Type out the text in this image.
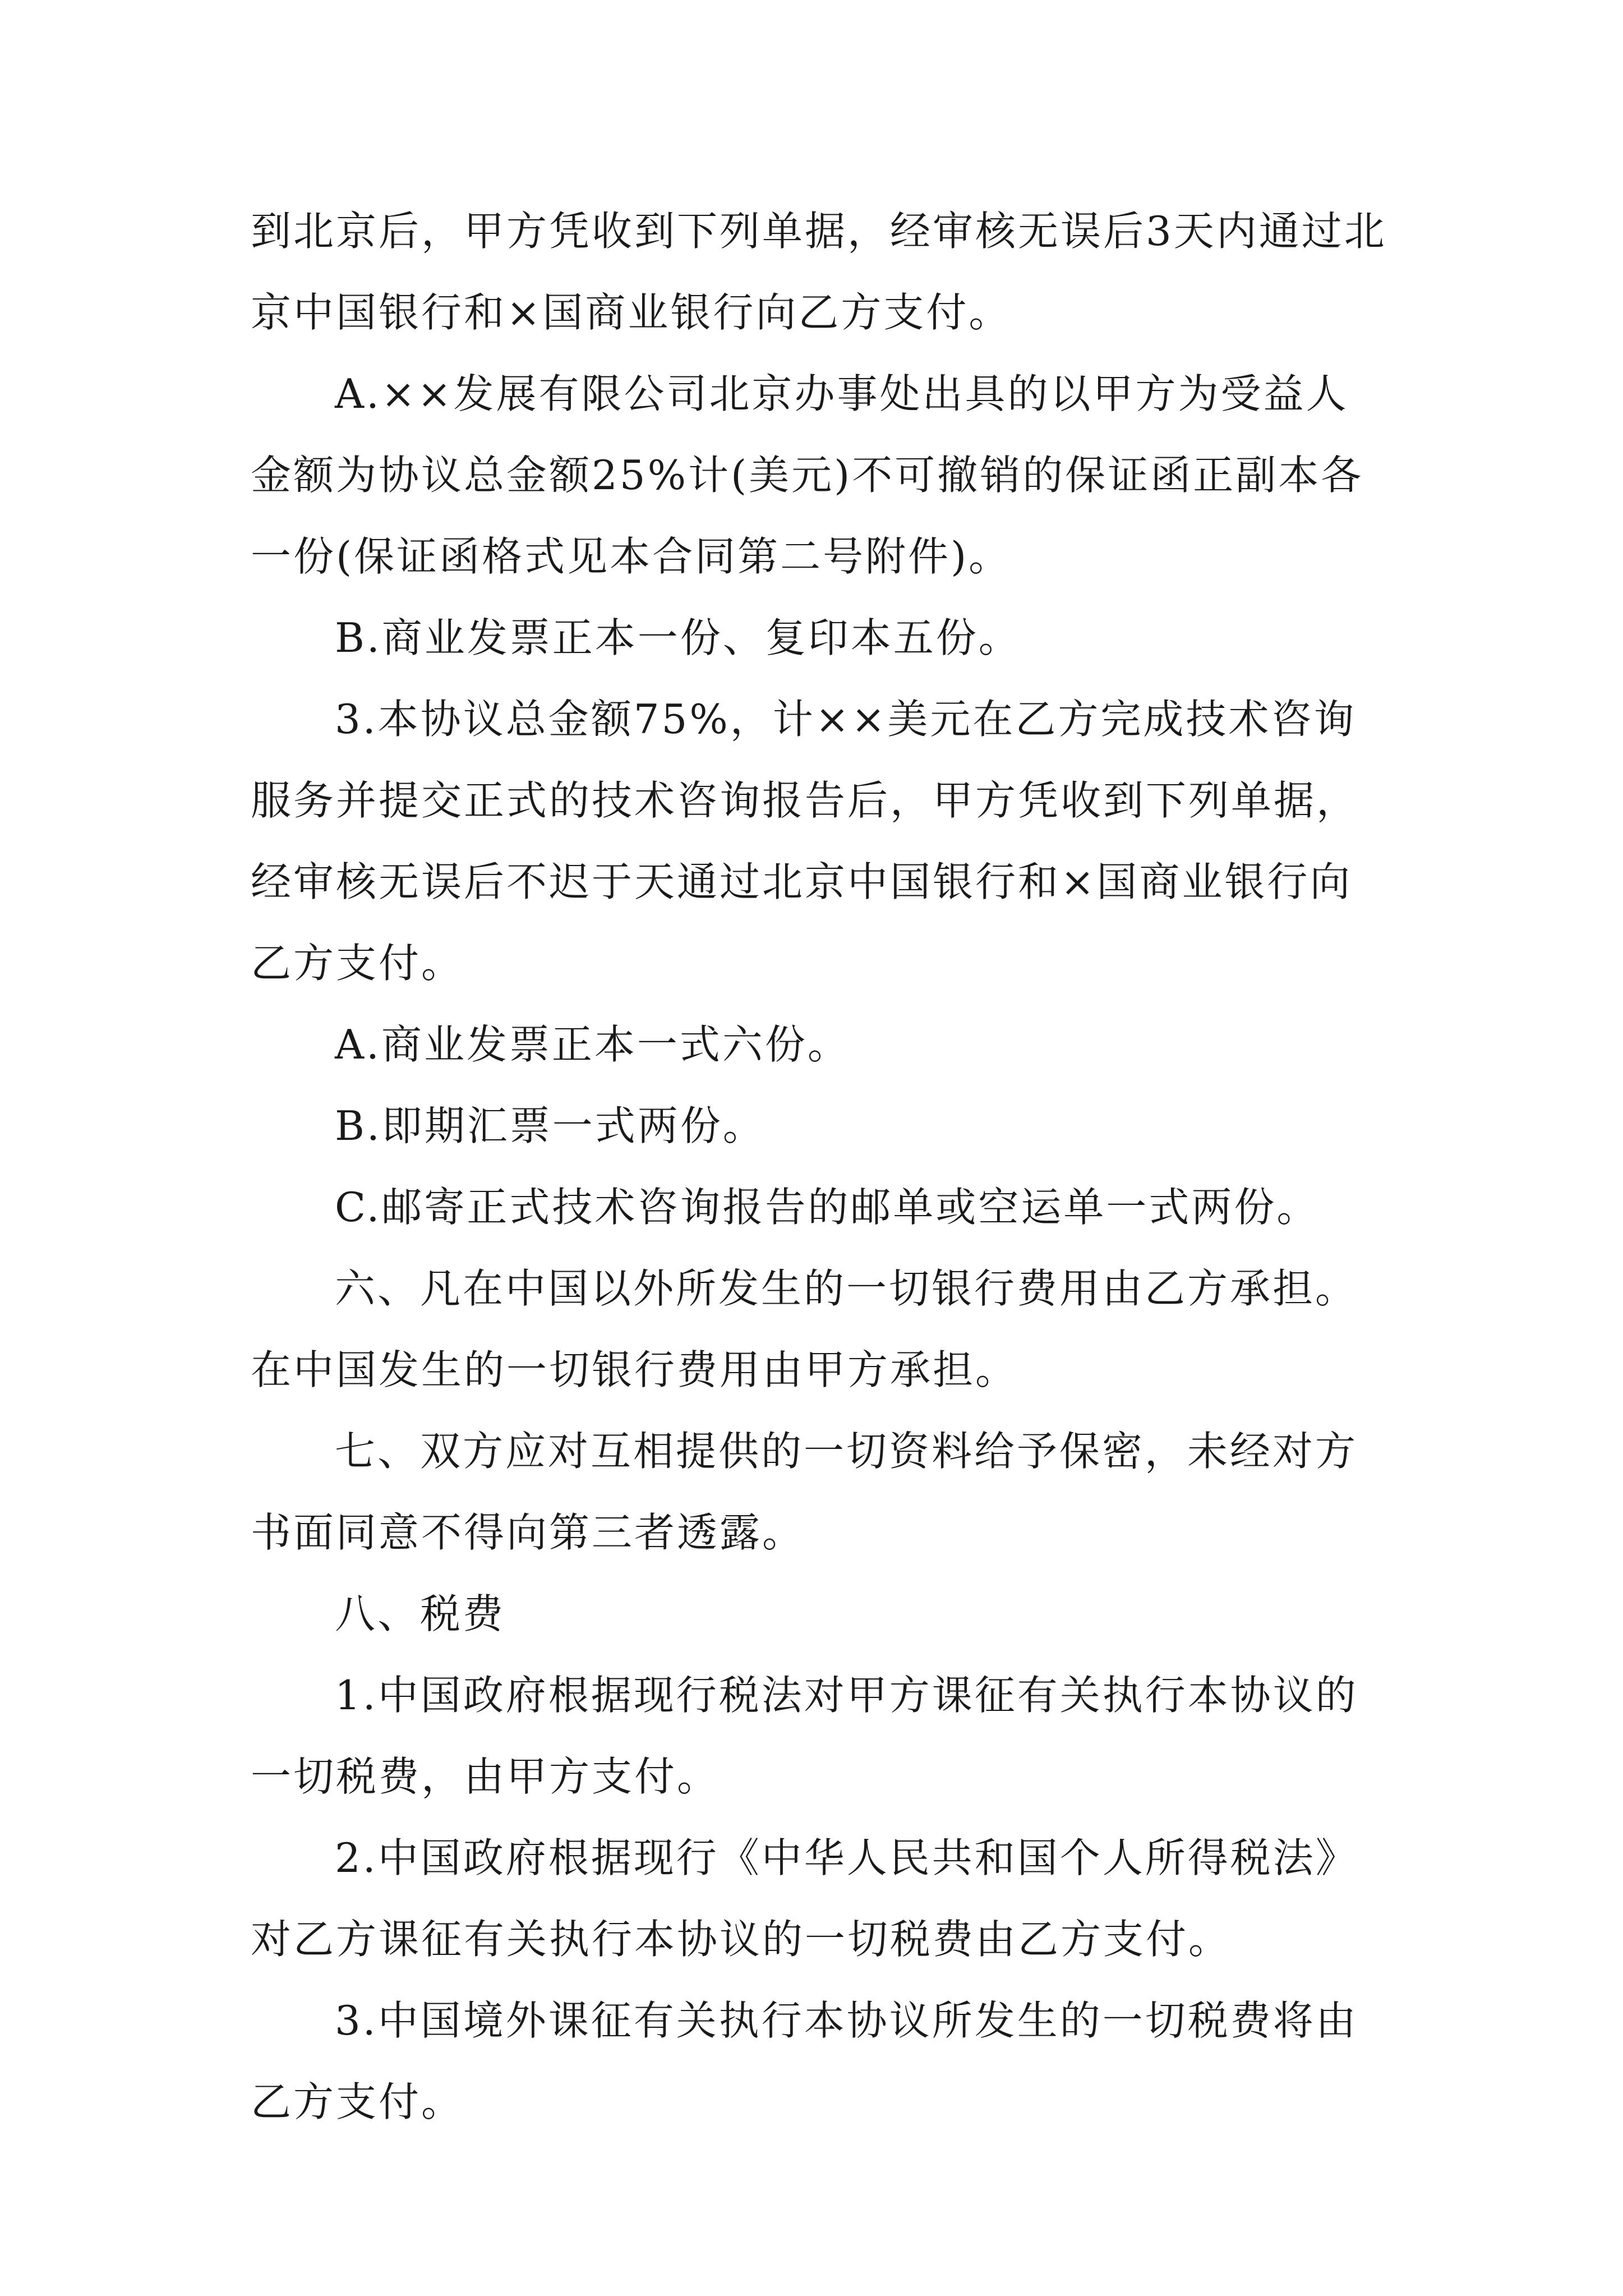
到北京后，甲方凭收到下列单据，经审核无误后3天内通过北京中国银行和×国商业银行向乙方支付。

A.××发展有限公司北京办事处出具的以甲方为受益人金额为协议总金额25%计(美元)不可撤销的保证函正副本各一份(保证函格式见本合同第二号附件)。

B.商业发票正本一份、复印本五份。

3.本协议总金额75%，计××美元在乙方完成技术咨询服务并提交正式的技术咨询报告后，甲方凭收到下列单据，经审核无误后不迟于天通过北京中国银行和×国商业银行向乙方支付。

A.商业发票正本一式六份。

B.即期汇票一式两份。

C.邮寄正式技术咨询报告的邮单或空运单一式两份。

六、凡在中国以外所发生的一切银行费用由乙方承担。在中国发生的一切银行费用由甲方承担。

七、双方应对互相提供的一切资料给予保密，未经对方书面同意不得向第三者透露。

八、税费

1.中国政府根据现行税法对甲方课征有关执行本协议的一切税费，由甲方支付。

2.中国政府根据现行《中华人民共和国个人所得税法》对乙方课征有关执行本协议的一切税费由乙方支付。

3.中国境外课征有关执行本协议所发生的一切税费将由乙方支付。
